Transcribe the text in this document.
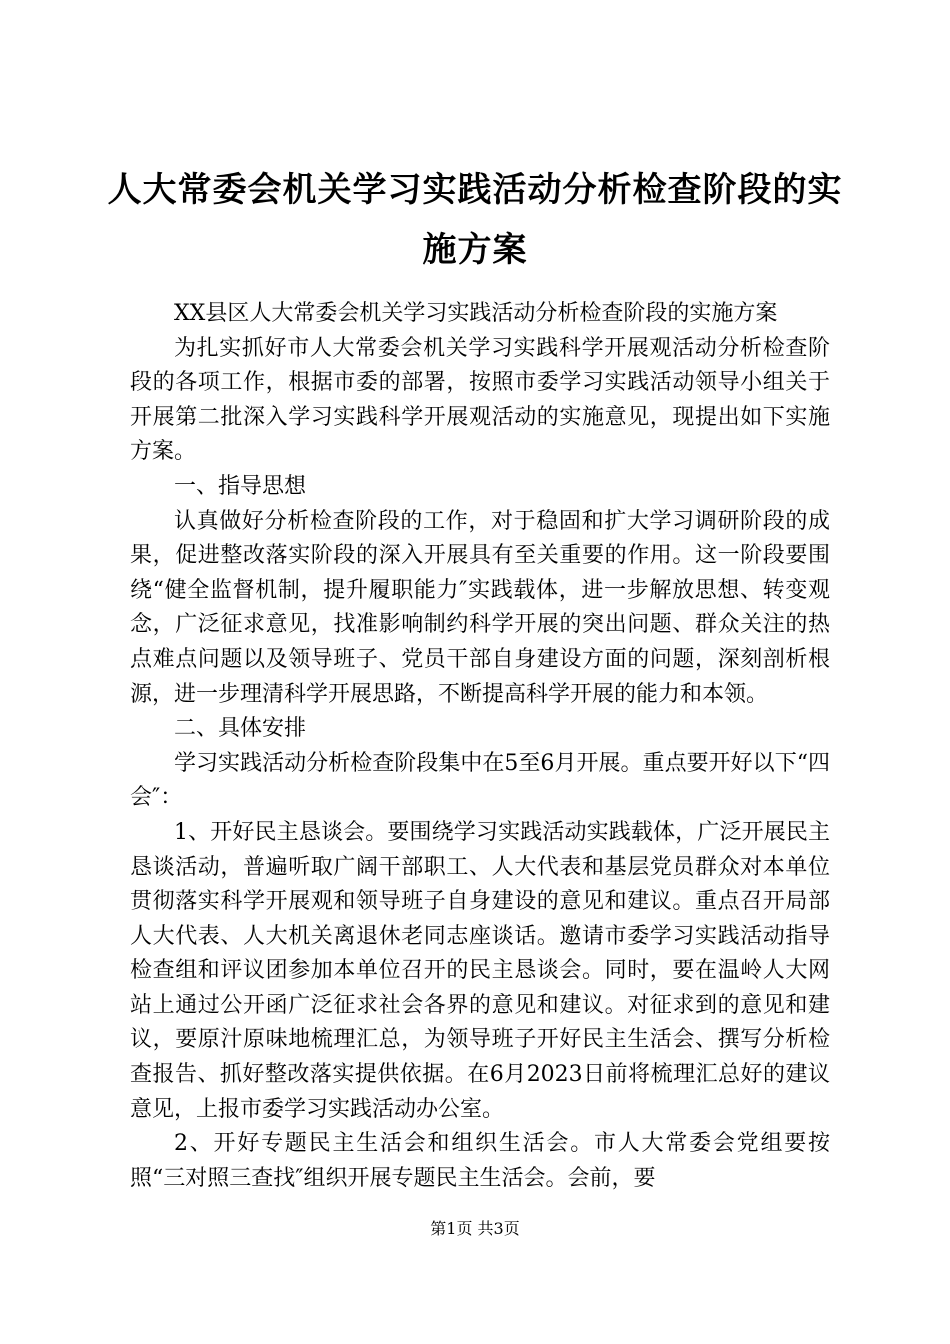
人大常委会机关学习实践活动分析检查阶段的实施方案

XX县区人大常委会机关学习实践活动分析检查阶段的实施方案

为扎实抓好市人大常委会机关学习实践科学开展观活动分析检查阶段的各项工作，根据市委的部署，按照市委学习实践活动领导小组关于开展第二批深入学习实践科学开展观活动的实施意见，现提出如下实施方案。

一、指导思想

认真做好分析检查阶段的工作，对于稳固和扩大学习调研阶段的成果，促进整改落实阶段的深入开展具有至关重要的作用。这一阶段要围绕“健全监督机制，提升履职能力″实践载体，进一步解放思想、转变观念，广泛征求意见，找准影响制约科学开展的突出问题、群众关注的热点难点问题以及领导班子、党员干部自身建设方面的问题，深刻剖析根源，进一步理清科学开展思路，不断提高科学开展的能力和本领。

二、具体安排

学习实践活动分析检查阶段集中在5至6月开展。重点要开好以下“四会″：

1、开好民主恳谈会。要围绕学习实践活动实践载体，广泛开展民主恳谈活动，普遍听取广阔干部职工、人大代表和基层党员群众对本单位贯彻落实科学开展观和领导班子自身建设的意见和建议。重点召开局部人大代表、人大机关离退休老同志座谈话。邀请市委学习实践活动指导检查组和评议团参加本单位召开的民主恳谈会。同时，要在温岭人大网站上通过公开函广泛征求社会各界的意见和建议。对征求到的意见和建议，要原汁原味地梳理汇总，为领导班子开好民主生活会、撰写分析检查报告、抓好整改落实提供依据。在6月2023日前将梳理汇总好的建议意见，上报市委学习实践活动办公室。

2、开好专题民主生活会和组织生活会。市人大常委会党组要按照“三对照三查找″组织开展专题民主生活会。会前，要

第1页 共3页
